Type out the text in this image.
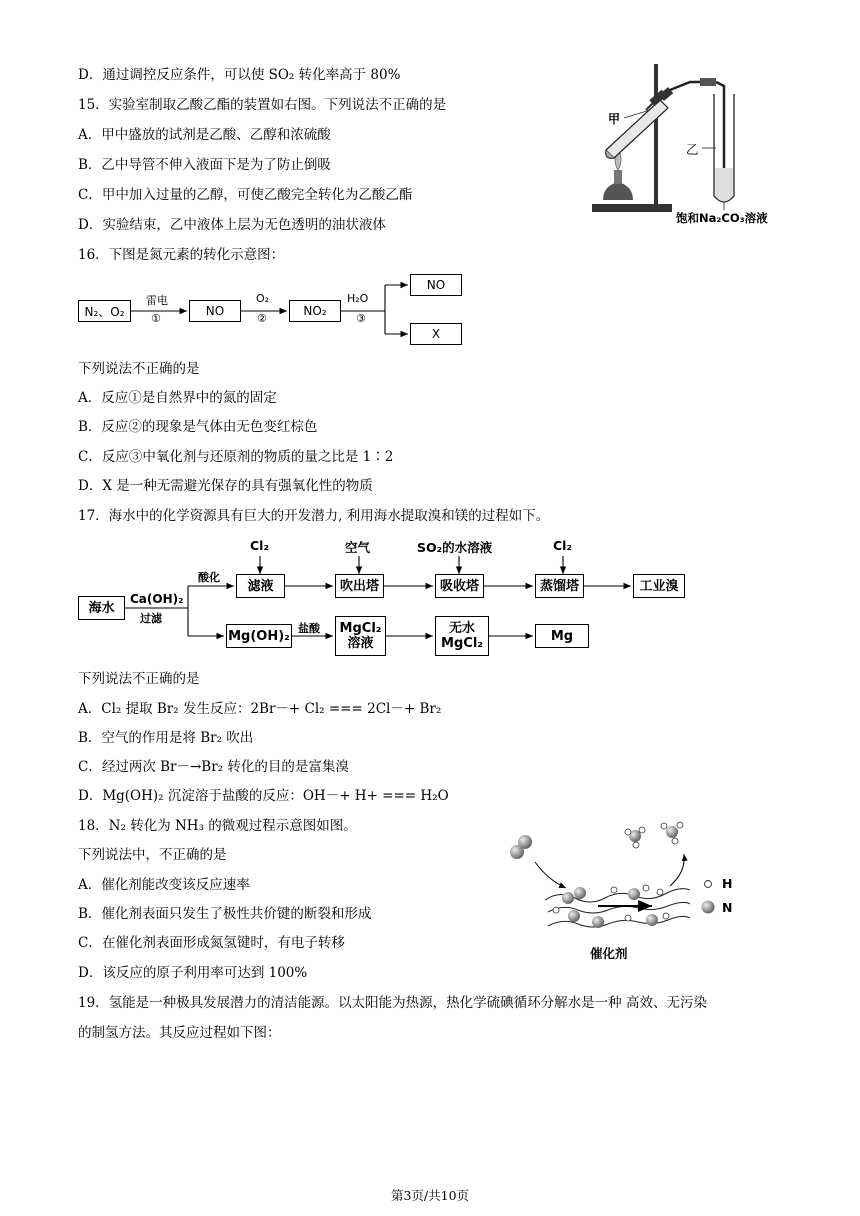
D．通过调控反应条件，可以使 SO₂ 转化率高于 80%
15．实验室制取乙酸乙酯的装置如右图。下列说法不正确的是
A．甲中盛放的试剂是乙酸、乙醇和浓硫酸
B．乙中导管不伸入液面下是为了防止倒吸
C．甲中加入过量的乙醇，可使乙酸完全转化为乙酸乙酯
D．实验结束，乙中液体上层为无色透明的油状液体
16．下图是氮元素的转化示意图：
甲
乙
饱和Na₂CO₃溶液
N₂、O₂
雷电
①
NO
O₂
②
NO₂
H₂O
③
NO
X
下列说法不正确的是
A．反应①是自然界中的氮的固定
B．反应②的现象是气体由无色变红棕色
C．反应③中氧化剂与还原剂的物质的量之比是 1∶2
D．X 是一种无需避光保存的具有强氧化性的物质
17．海水中的化学资源具有巨大的开发潜力, 利用海水提取溴和镁的过程如下。
海水
Ca(OH)₂
过滤
酸化
滤液	吹出塔	吸收塔	蒸馏塔	工业溴
Cl₂	空气	SO₂的水溶液	Cl₂
Mg(OH)₂ 盐酸 MgCl₂
溶液
无水
MgCl₂	Mg
下列说法不正确的是
A．Cl₂ 提取 Br₂ 发生反应：2Br－+ Cl₂ === 2Cl－+ Br₂
B．空气的作用是将 Br₂ 吹出
C．经过两次 Br－→Br₂ 转化的目的是富集溴
D．Mg(OH)₂ 沉淀溶于盐酸的反应：OH－+ H+ === H₂O
18．N₂ 转化为 NH₃ 的微观过程示意图如图。
下列说法中，不正确的是
A．催化剂能改变该反应速率
B．催化剂表面只发生了极性共价键的断裂和形成
C．在催化剂表面形成氮氢键时，有电子转移
D．该反应的原子利用率可达到 100%
H
N
催化剂
19．氢能是一种极具发展潜力的清洁能源。以太阳能为热源，热化学硫碘循环分解水是一种 高效、无污染
的制氢方法。其反应过程如下图：
第3页/共10页
